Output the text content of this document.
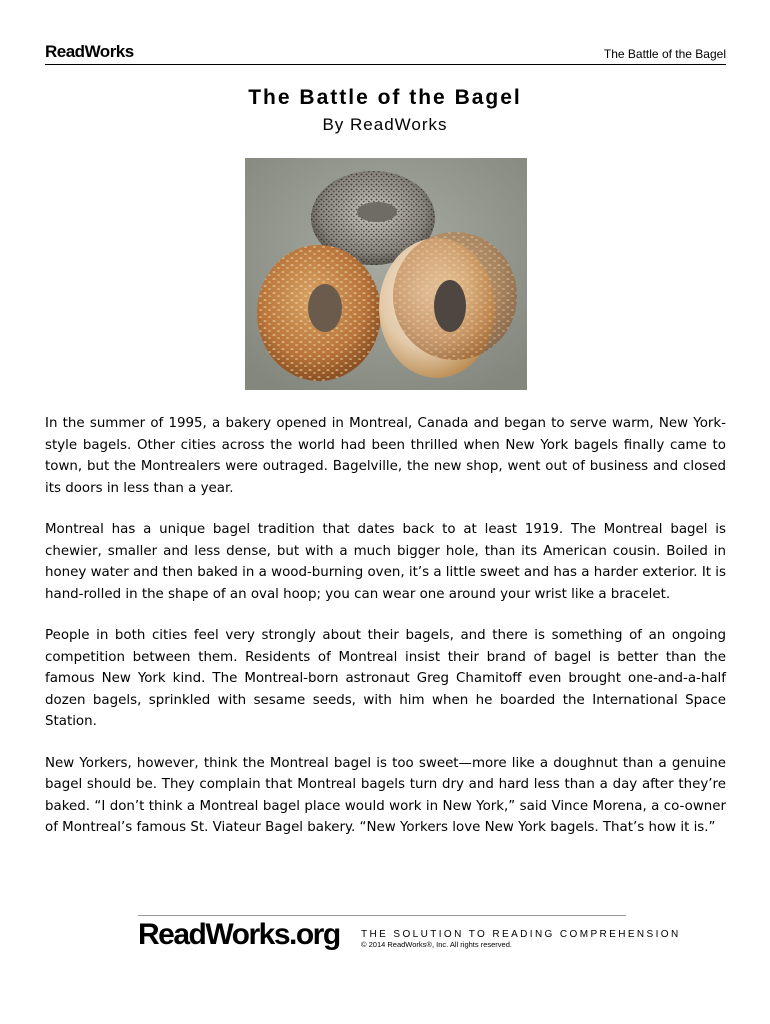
ReadWorks	The Battle of the Bagel
The Battle of the Bagel
By ReadWorks

In the summer of 1995, a bakery opened in Montreal, Canada and began to serve warm, New York-style bagels. Other cities across the world had been thrilled when New York bagels finally came to town, but the Montrealers were outraged. Bagelville, the new shop, went out of business and closed its doors in less than a year.

Montreal has a unique bagel tradition that dates back to at least 1919. The Montreal bagel is chewier, smaller and less dense, but with a much bigger hole, than its American cousin. Boiled in honey water and then baked in a wood-burning oven, it’s a little sweet and has a harder exterior. It is hand-rolled in the shape of an oval hoop; you can wear one around your wrist like a bracelet.

People in both cities feel very strongly about their bagels, and there is something of an ongoing competition between them. Residents of Montreal insist their brand of bagel is better than the famous New York kind. The Montreal-born astronaut Greg Chamitoff even brought one-and-a-half dozen bagels, sprinkled with sesame seeds, with him when he boarded the International Space Station.

New Yorkers, however, think the Montreal bagel is too sweet—more like a doughnut than a genuine bagel should be. They complain that Montreal bagels turn dry and hard less than a day after they’re baked. “I don’t think a Montreal bagel place would work in New York,” said Vince Morena, a co-owner of Montreal’s famous St. Viateur Bagel bakery. “New Yorkers love New York bagels. That’s how it is.”

ReadWorks.org THE SOLUTION TO READING COMPREHENSION
© 2014 ReadWorks®, Inc. All rights reserved.
